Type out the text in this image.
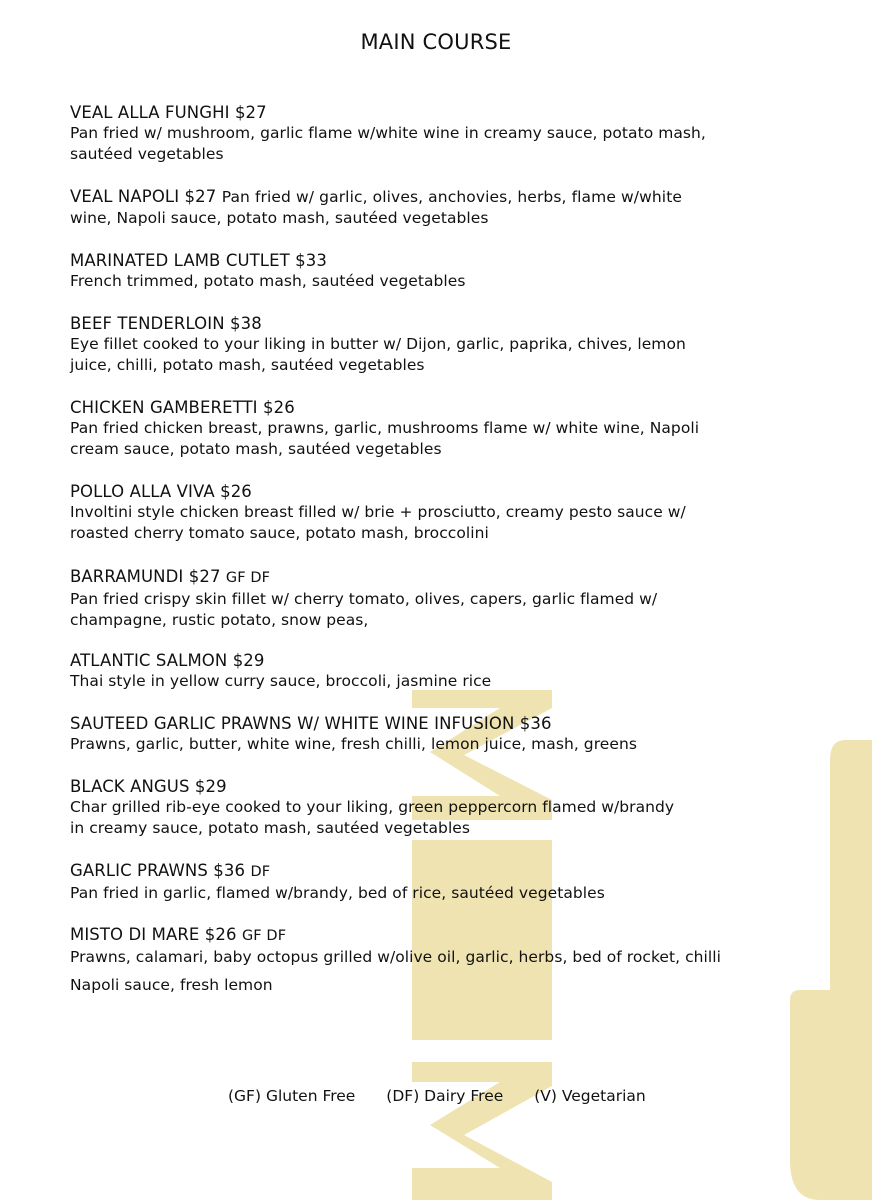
MAIN COURSE
VEAL ALLA FUNGHI $27
Pan fried w/ mushroom, garlic flame w/white wine in creamy sauce, potato mash,
sautéed vegetables
VEAL NAPOLI $27 Pan fried w/ garlic, olives, anchovies, herbs, flame w/white
wine, Napoli sauce, potato mash, sautéed vegetables
MARINATED LAMB CUTLET $33
French trimmed, potato mash, sautéed vegetables
BEEF TENDERLOIN $38
Eye fillet cooked to your liking in butter w/ Dijon, garlic, paprika, chives, lemon
juice, chilli, potato mash, sautéed vegetables
CHICKEN GAMBERETTI $26
Pan fried chicken breast, prawns, garlic, mushrooms flame w/ white wine, Napoli
cream sauce, potato mash, sautéed vegetables
POLLO ALLA VIVA $26
Involtini style chicken breast filled w/ brie + prosciutto, creamy pesto sauce w/
roasted cherry tomato sauce, potato mash, broccolini
BARRAMUNDI $27 GF DF
Pan fried crispy skin fillet w/ cherry tomato, olives, capers, garlic flamed w/
champagne, rustic potato, snow peas,
ATLANTIC SALMON $29
Thai style in yellow curry sauce, broccoli, jasmine rice
SAUTEED GARLIC PRAWNS W/ WHITE WINE INFUSION $36
Prawns, garlic, butter, white wine, fresh chilli, lemon juice, mash, greens
BLACK ANGUS $29
Char grilled rib-eye cooked to your liking, green peppercorn flamed w/brandy
in creamy sauce, potato mash, sautéed vegetables
GARLIC PRAWNS $36 DF
Pan fried in garlic, flamed w/brandy, bed of rice, sautéed vegetables
MISTO DI MARE $26 GF DF
Prawns, calamari, baby octopus grilled w/olive oil, garlic, herbs, bed of rocket, chilli
Napoli sauce, fresh lemon
(GF) Gluten Free (DF) Dairy Free (V) Vegetarian
